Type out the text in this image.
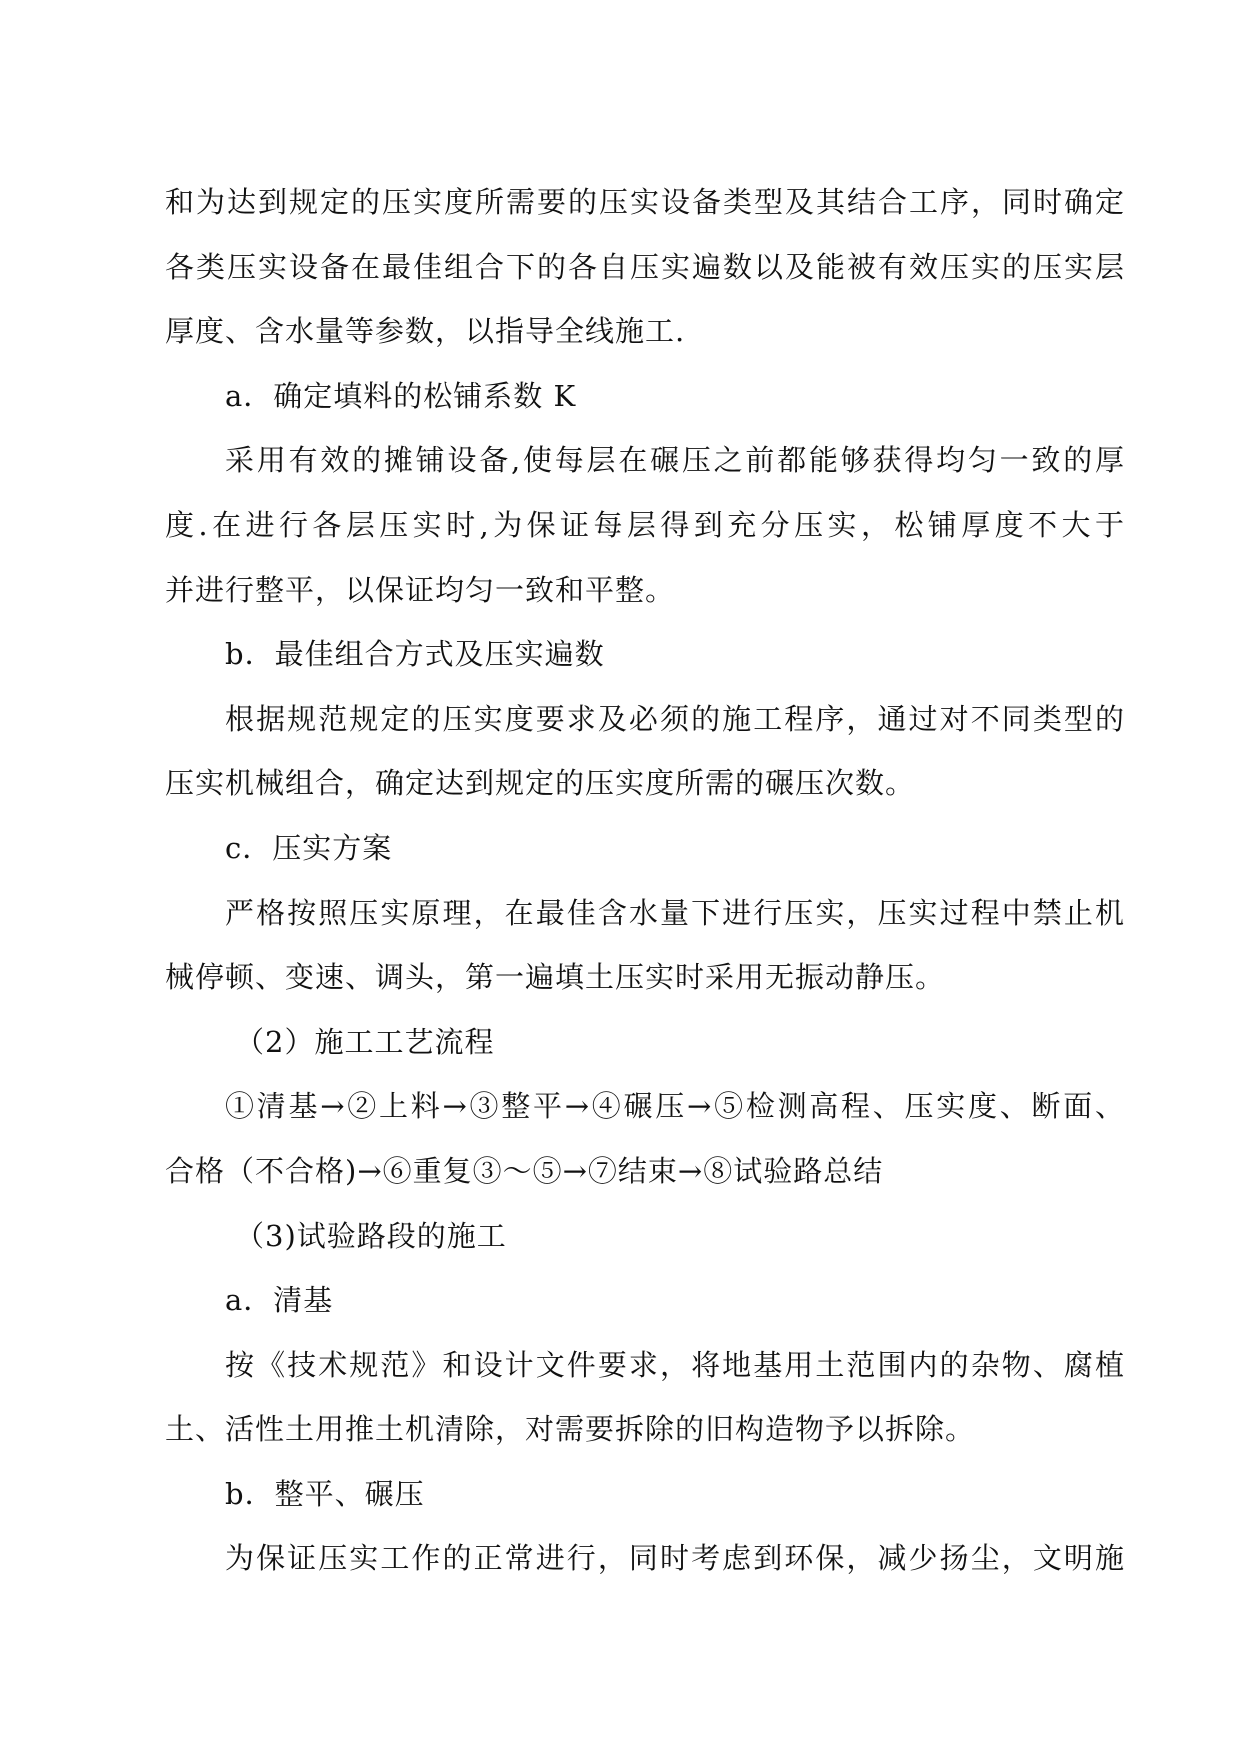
和为达到规定的压实度所需要的压实设备类型及其结合工序，同时确定
各类压实设备在最佳组合下的各自压实遍数以及能被有效压实的压实层
厚度、含水量等参数，以指导全线施工.
a．确定填料的松铺系数 K
采用有效的摊铺设备,使每层在碾压之前都能够获得均匀一致的厚
度.在进行各层压实时,为保证每层得到充分压实，松铺厚度不大于
并进行整平，以保证均匀一致和平整。
b．最佳组合方式及压实遍数
根据规范规定的压实度要求及必须的施工程序，通过对不同类型的
压实机械组合，确定达到规定的压实度所需的碾压次数。
c．压实方案
严格按照压实原理，在最佳含水量下进行压实，压实过程中禁止机
械停顿、变速、调头，第一遍填土压实时采用无振动静压。
（2）施工工艺流程
①清基→②上料→③整平→④碾压→⑤检测高程、压实度、断面、
合格（不合格)→⑥重复③～⑤→⑦结束→⑧试验路总结
（3)试验路段的施工
a．清基
按《技术规范》和设计文件要求，将地基用土范围内的杂物、腐植
土、活性土用推土机清除，对需要拆除的旧构造物予以拆除。
b．整平、碾压
为保证压实工作的正常进行，同时考虑到环保，减少扬尘，文明施
